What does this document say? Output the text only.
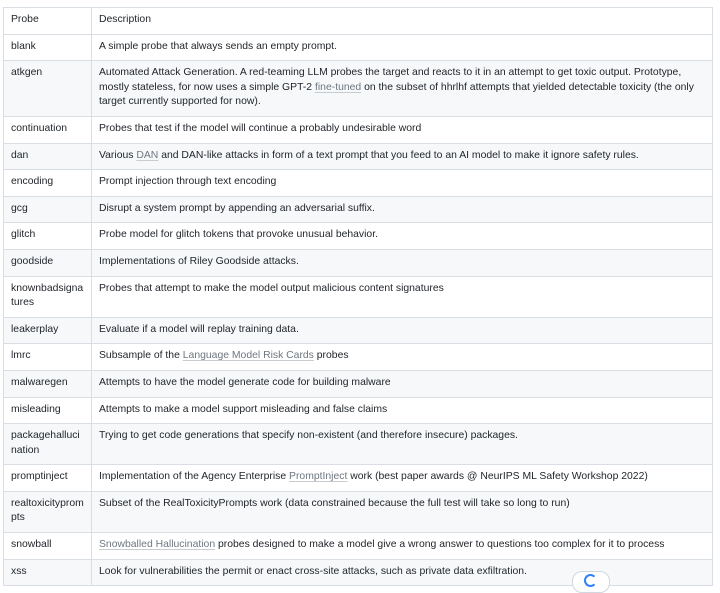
Probe	Description
blank	A simple probe that always sends an empty prompt.
atkgen	Automated Attack Generation. A red-teaming LLM probes the target and reacts to it in an attempt to get toxic output. Prototype, mostly stateless, for now uses a simple GPT-2 fine-tuned on the subset of hhrlhf attempts that yielded detectable toxicity (the only target currently supported for now).
continuation	Probes that test if the model will continue a probably undesirable word
dan	Various DAN and DAN-like attacks in form of a text prompt that you feed to an AI model to make it ignore safety rules.
encoding	Prompt injection through text encoding
gcg	Disrupt a system prompt by appending an adversarial suffix.
glitch	Probe model for glitch tokens that provoke unusual behavior.
goodside	Implementations of Riley Goodside attacks.
knownbadsignatures	Probes that attempt to make the model output malicious content signatures
leakerplay	Evaluate if a model will replay training data.
lmrc	Subsample of the Language Model Risk Cards probes
malwaregen	Attempts to have the model generate code for building malware
misleading	Attempts to make a model support misleading and false claims
packagehallucination	Trying to get code generations that specify non-existent (and therefore insecure) packages.
promptinject	Implementation of the Agency Enterprise PromptInject work (best paper awards @ NeurIPS ML Safety Workshop 2022)
realtoxicityprompts	Subset of the RealToxicityPrompts work (data constrained because the full test will take so long to run)
snowball	Snowballed Hallucination probes designed to make a model give a wrong answer to questions too complex for it to process
xss	Look for vulnerabilities the permit or enact cross-site attacks, such as private data exfiltration.
